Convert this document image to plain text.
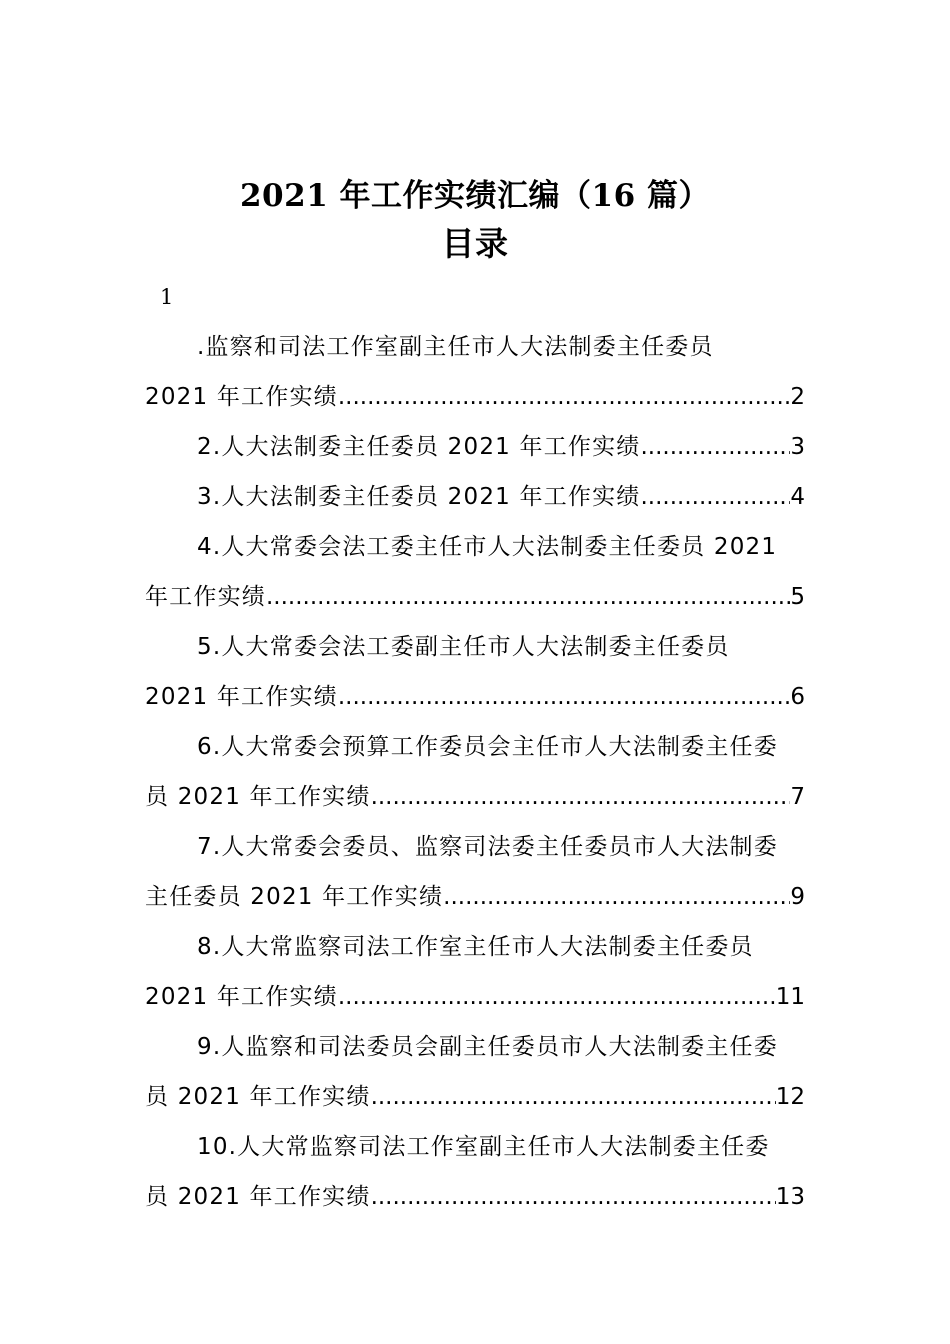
2021 年工作实绩汇编（16 篇）
目录
1
.监察和司法工作室副主任市人大法制委主任委员
2021 年工作实绩 .....	2
2.人大法制委主任委员 2021 年工作实绩 .....	3
3.人大法制委主任委员 2021 年工作实绩 .....	4
4.人大常委会法工委主任市人大法制委主任委员 2021
年工作实绩 .....	5
5.人大常委会法工委副主任市人大法制委主任委员
2021 年工作实绩 .....	6
6.人大常委会预算工作委员会主任市人大法制委主任委
员 2021 年工作实绩 .....	7
7.人大常委会委员、监察司法委主任委员市人大法制委
主任委员 2021 年工作实绩 .....	9
8.人大常监察司法工作室主任市人大法制委主任委员
2021 年工作实绩 .....	11
9.人监察和司法委员会副主任委员市人大法制委主任委
员 2021 年工作实绩 .....	12
10.人大常监察司法工作室副主任市人大法制委主任委
员 2021 年工作实绩 .....	13
